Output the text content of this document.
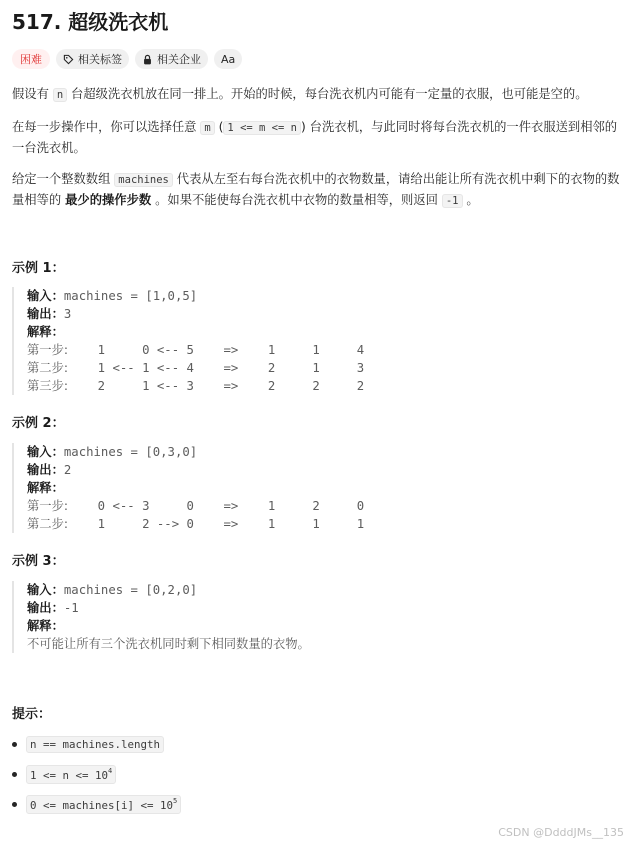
517. 超级洗衣机
困难	相关标签	相关企业	Aa
假设有 n 台超级洗衣机放在同一排上。开始的时候，每台洗衣机内可能有一定量的衣服，也可能是空的。
在每一步操作中，你可以选择任意 m ( 1 <= m <= n ) 台洗衣机，与此同时将每台洗衣机的一件衣服送到相邻的一台洗衣机。
给定一个整数数组 machines 代表从左至右每台洗衣机中的衣物数量，请给出能让所有洗衣机中剩下的衣物的数量相等的 最少的操作步数 。如果不能使每台洗衣机中衣物的数量相等，则返回 -1 。
示例 1：
输入：machines = [1,0,5]
输出：3
解释：
第一步:    1     0 <-- 5    =>    1     1     4
第二步:    1 <-- 1 <-- 4    =>    2     1     3
第三步:    2     1 <-- 3    =>    2     2     2
示例 2：
输入：machines = [0,3,0]
输出：2
解释：
第一步:    0 <-- 3     0    =>    1     2     0
第二步:    1     2 --> 0    =>    1     1     1
示例 3：
输入：machines = [0,2,0]
输出：-1
解释：
不可能让所有三个洗衣机同时剩下相同数量的衣物。
提示：
n == machines.length
$1 <= n <= 10^4$
0 <= machines[i] <= $10^5$
CSDN @DdddJMs__135
